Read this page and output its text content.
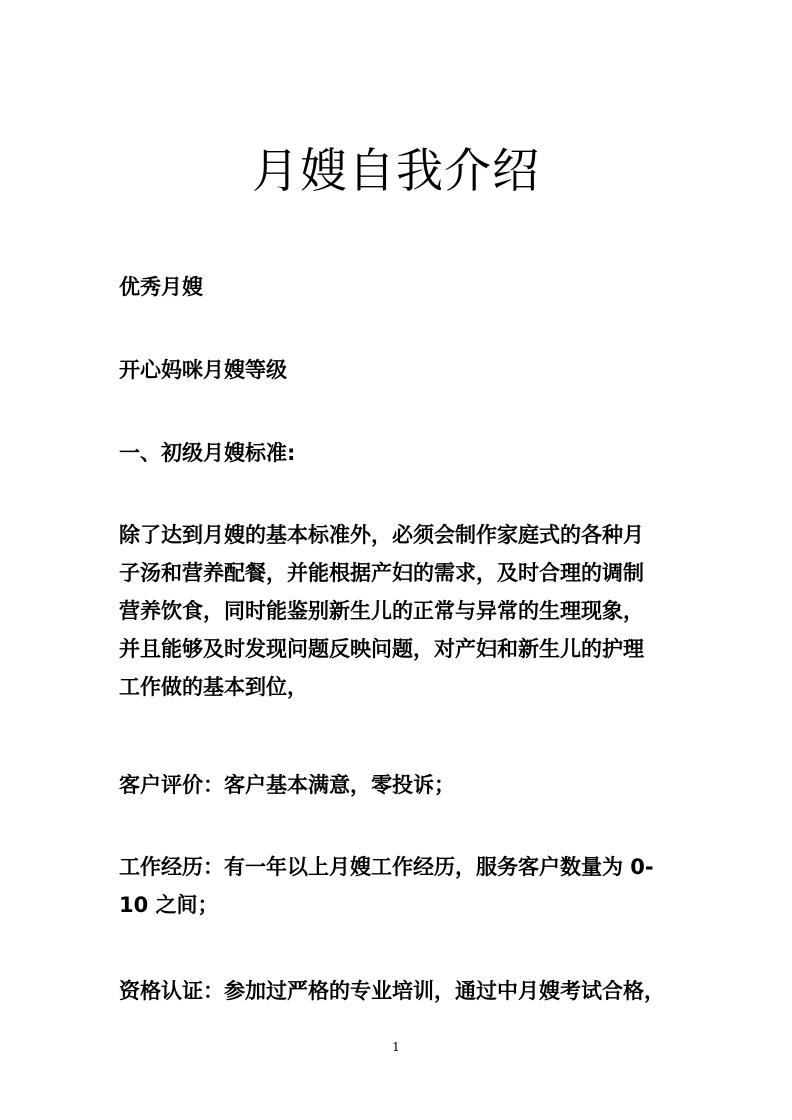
月嫂自我介绍
优秀月嫂
开心妈咪月嫂等级
一、初级月嫂标准:
除了达到月嫂的基本标准外，必须会制作家庭式的各种月
子汤和营养配餐，并能根据产妇的需求，及时合理的调制
营养饮食，同时能鉴别新生儿的正常与异常的生理现象，
并且能够及时发现问题反映问题，对产妇和新生儿的护理
工作做的基本到位，
客户评价：客户基本满意，零投诉；
工作经历：有一年以上月嫂工作经历，服务客户数量为 0-
10 之间；
资格认证：参加过严格的专业培训，通过中月嫂考试合格，
1
